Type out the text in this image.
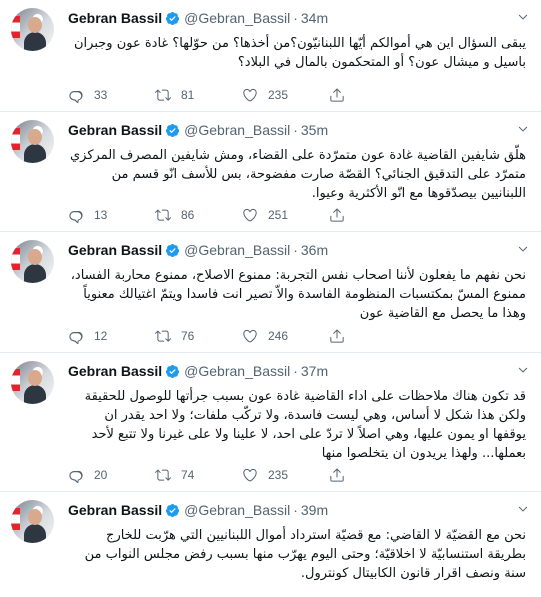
Gebran Bassil @Gebran_Bassil · 34m
يبقى السؤال اين هي أموالكم أيّها اللبنانيّون؟من أخذها؟ من حوّلها؟ غادة عون وجبران باسيل و ميشال عون؟ أو المتحكمون بالمال في البلاد؟
33	81	235
Gebran Bassil @Gebran_Bassil · 35m
هلّق شايفين القاضية غادة عون متمرّدة على القضاء، ومش شايفين المصرف المركزي متمرّد على التدقيق الجنائي؟ القصّة صارت مفضوحة، بس للأسف انّو قسم من اللبنانيين بيصدّقوها مع انّو الأكثرية وعيوا.
13	86	251
Gebran Bassil @Gebran_Bassil · 36m
نحن نفهم ما يفعلون لأننا اصحاب نفس التجربة: ممنوع الاصلاح، ممنوع محاربة الفساد، ممنوع المسّ بمكتسبات المنظومة الفاسدة والاّ تصير انت فاسدا ويتمّ اغتيالك معنوياً وهذا ما يحصل مع القاضية عون
12	76	246
Gebran Bassil @Gebran_Bassil · 37m
قد تكون هناك ملاحظات على اداء القاضية غادة عون بسبب جرأتها للوصول للحقيقة ولكن هذا شكل لا أساس، وهي ليست فاسدة، ولا تركّب ملفات؛ ولا احد يقدر ان يوقفها او يمون عليها، وهي اصلاً لا تردّ على احد، لا علينا ولا على غيرنا ولا تتبع لأحد بعملها... ولهذا يريدون ان يتخلصوا منها
20	74	235
Gebran Bassil @Gebran_Bassil · 39m
نحن مع القضيّة لا القاضي: مع قضيّة استرداد أموال اللبنانيين التي هرّبت للخارج بطريقة استنسابيّة لا اخلاقيّة؛ وحتى اليوم يهرّب منها بسبب رفض مجلس النواب من سنة ونصف اقرار قانون الكابيتال كونترول.
